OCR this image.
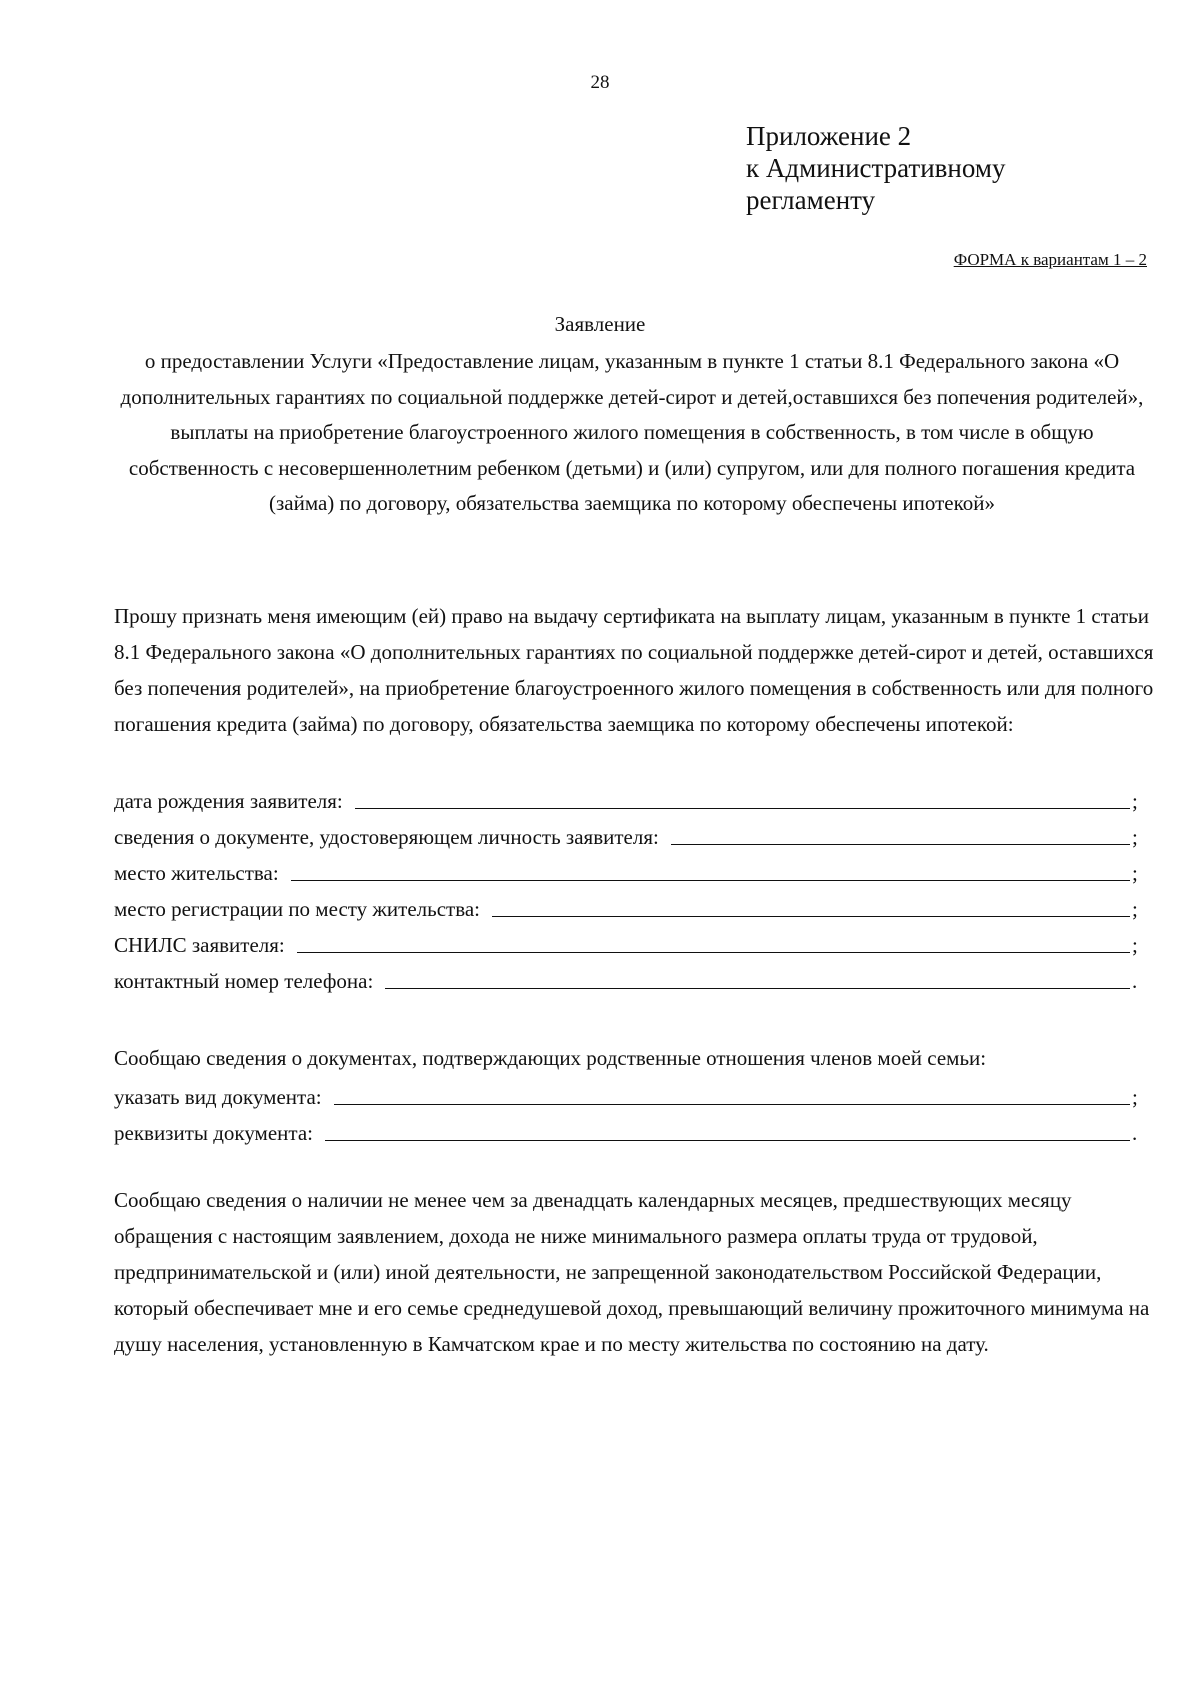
28

Приложение 2
к Административному
регламенту

ФОРМА к вариантам 1 – 2

Заявление

о предоставлении Услуги «Предоставление лицам, указанным в пункте 1 статьи 8.1 Федерального закона «О дополнительных гарантиях по социальной поддержке детей-сирот и детей,оставшихся без попечения родителей», выплаты на приобретение благоустроенного жилого помещения в собственность, в том числе в общую собственность с несовершеннолетним ребенком (детьми) и (или) супругом, или для полного погашения кредита (займа) по договору, обязательства заемщика по которому обеспечены ипотекой»

Прошу признать меня имеющим (ей) право на выдачу сертификата на выплату лицам, указанным в пункте 1 статьи 8.1 Федерального закона «О дополнительных гарантиях по социальной поддержке детей-сирот и детей, оставшихся без попечения родителей», на приобретение благоустроенного жилого помещения в собственность или для полного погашения кредита (займа) по договору, обязательства заемщика по которому обеспечены ипотекой:

дата рождения заявителя:	;
сведения о документе, удостоверяющем личность заявителя:	;
место жительства:	;
место регистрации по месту жительства:	;
СНИЛС заявителя:	;
контактный номер телефона:	.

Сообщаю сведения о документах, подтверждающих родственные отношения членов моей семьи:

указать вид документа:	;
реквизиты документа:	.

Сообщаю сведения о наличии не менее чем за двенадцать календарных месяцев, предшествующих месяцу обращения с настоящим заявлением, дохода не ниже минимального размера оплаты труда от трудовой, предпринимательской и (или) иной деятельности, не запрещенной законодательством Российской Федерации, который обеспечивает мне и его семье среднедушевой доход, превышающий величину прожиточного минимума на душу населения, установленную в Камчатском крае и по месту жительства по состоянию на дату.
